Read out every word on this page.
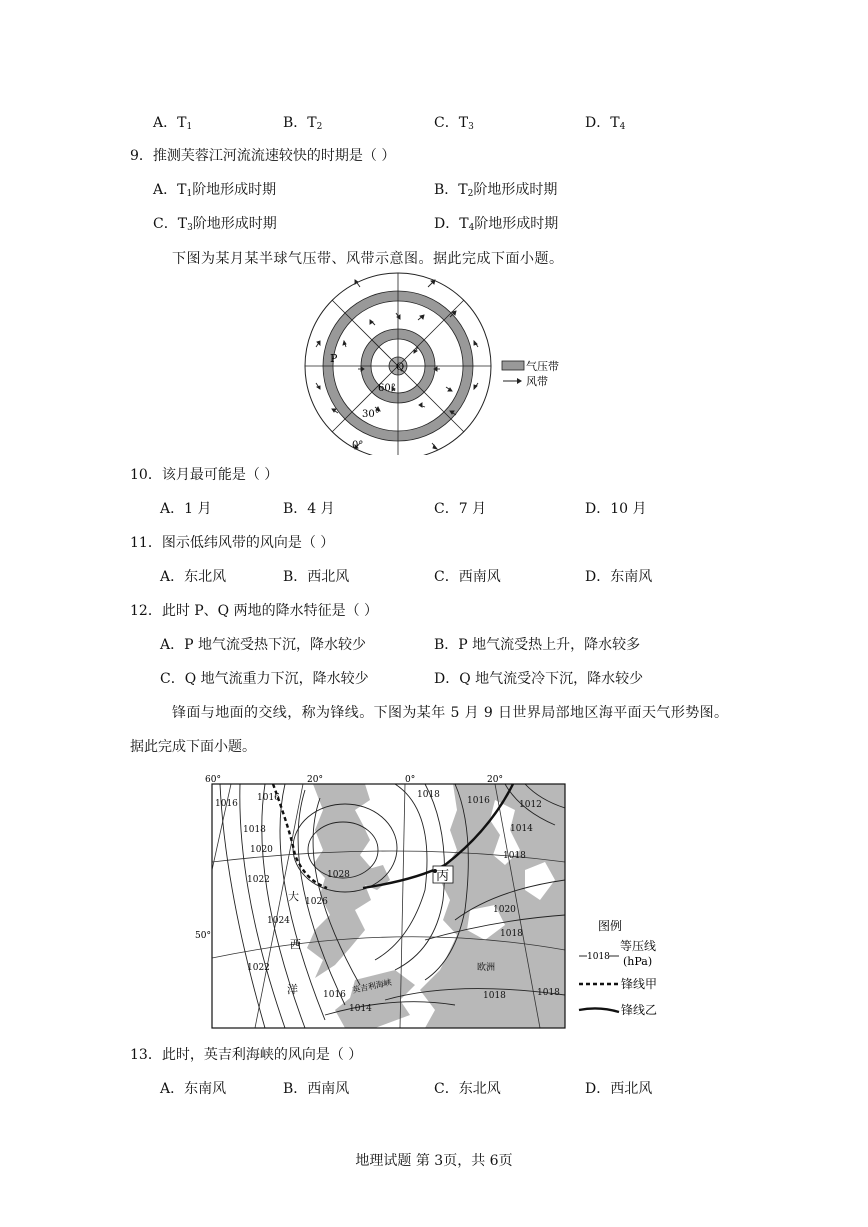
A．$T_1$	B．$T_2$	C．$T_3$	D．$T_4$
9．推测芙蓉江河流流速较快的时期是（ ）
A．$T_1$阶地形成时期	B．$T_2$阶地形成时期
C．$T_3$阶地形成时期	D．$T_4$阶地形成时期
下图为某月某半球气压带、风带示意图。据此完成下面小题。
P
Q
60°
30°
0°
气压带
风带
10．该月最可能是（ ）
A．1 月	B．4 月	C．7 月	D．10 月
11．图示低纬风带的风向是（ ）
A．东北风	B．西北风	C．西南风	D．东南风
12．此时 P、Q 两地的降水特征是（ ）
A．P 地气流受热下沉，降水较少	B．P 地气流受热上升，降水较多
C．Q 地气流重力下沉，降水较少	D．Q 地气流受冷下沉，降水较少
锋面与地面的交线，称为锋线。下图为某年 5 月 9 日世界局部地区海平面天气形势图。
据此完成下面小题。
60°	20°	0°	20°
50°
1016
1016
1018
1018
1020
1022
1024
1026
1028
1022
1016
1014
1016	1012
1014
1018
1020
1018
1018	1018
丙
大
西
洋	英吉利海峡
欧洲
图例
1018
等压线
(hPa)
锋线甲
锋线乙
13．此时，英吉利海峡的风向是（ ）
A．东南风	B．西南风	C．东北风	D．西北风
地理试题 第 3页，共 6页
